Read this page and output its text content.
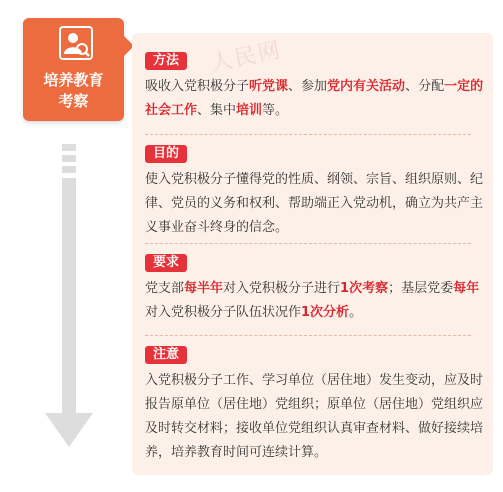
培养教育
考察
人民网
方法
吸收入党积极分子听党课、参加党内有关活动、分配一定的社会工作、集中培训等。
目的
使入党积极分子懂得党的性质、纲领、宗旨、组织原则、纪律、党员的义务和权利、帮助端正入党动机，确立为共产主义事业奋斗终身的信念。
要求
党支部每半年对入党积极分子进行1次考察；基层党委每年对入党积极分子队伍状况作1次分析。
注意
入党积极分子工作、学习单位（居住地）发生变动，应及时报告原单位（居住地）党组织；原单位（居住地）党组织应及时转交材料；接收单位党组织认真审查材料、做好接续培养，培养教育时间可连续计算。
